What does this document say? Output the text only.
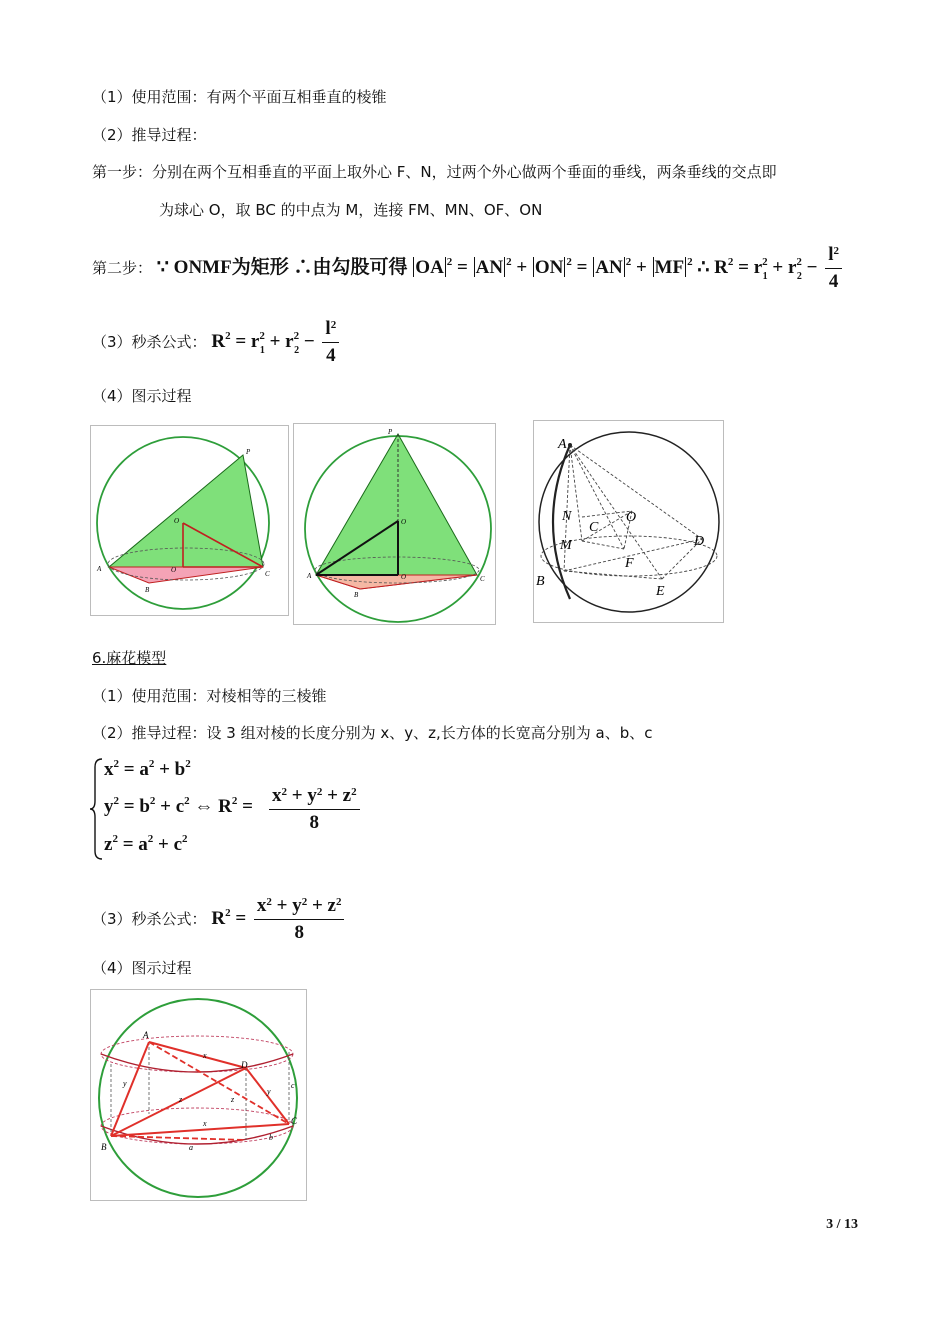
（1）使用范围：有两个平面互相垂直的棱锥
（2）推导过程：
第一步：分别在两个互相垂直的平面上取外心 F、N，过两个外心做两个垂面的垂线，两条垂线的交点即
为球心 O，取 BC 的中点为 M，连接 FM、MN、OF、ON
第二步： ∵ ONMF为矩形 ∴由勾股可得 OA $^2$ = AN $^2$ + ON $^2$ = AN $^2$ + MF $^2$ ∴ $R^2 = r^2_1 + r^2_2 - \frac{l^2}{4}$
（3）秒杀公式： $R^2 = r^2_1 + r^2_2 - \frac{l^2}{4}$
（4）图示过程
P
O
O
A
B
C
P
O
O
A
B
C
A
N
C
O
M
F
D
B
E
6.麻花模型
（1）使用范围：对棱相等的三棱锥
（2）推导过程：设 3 组对棱的长度分别为 x、y、z,长方体的长宽高分别为 a、b、c
$x^2 = a^2 + b^2$
$y^2 = b^2 + c^2$ ⇔ $R^2$ =
$z^2 = a^2 + c^2$
$\frac{x^2 + y^2 + z^2}{8}$
（3）秒杀公式： $R^2 = \frac{x^2 + y^2 + z^2}{8}$
（4）图示过程
A
D
C
B
x
y
z	z
y
x
c
b
a
3 / 13
